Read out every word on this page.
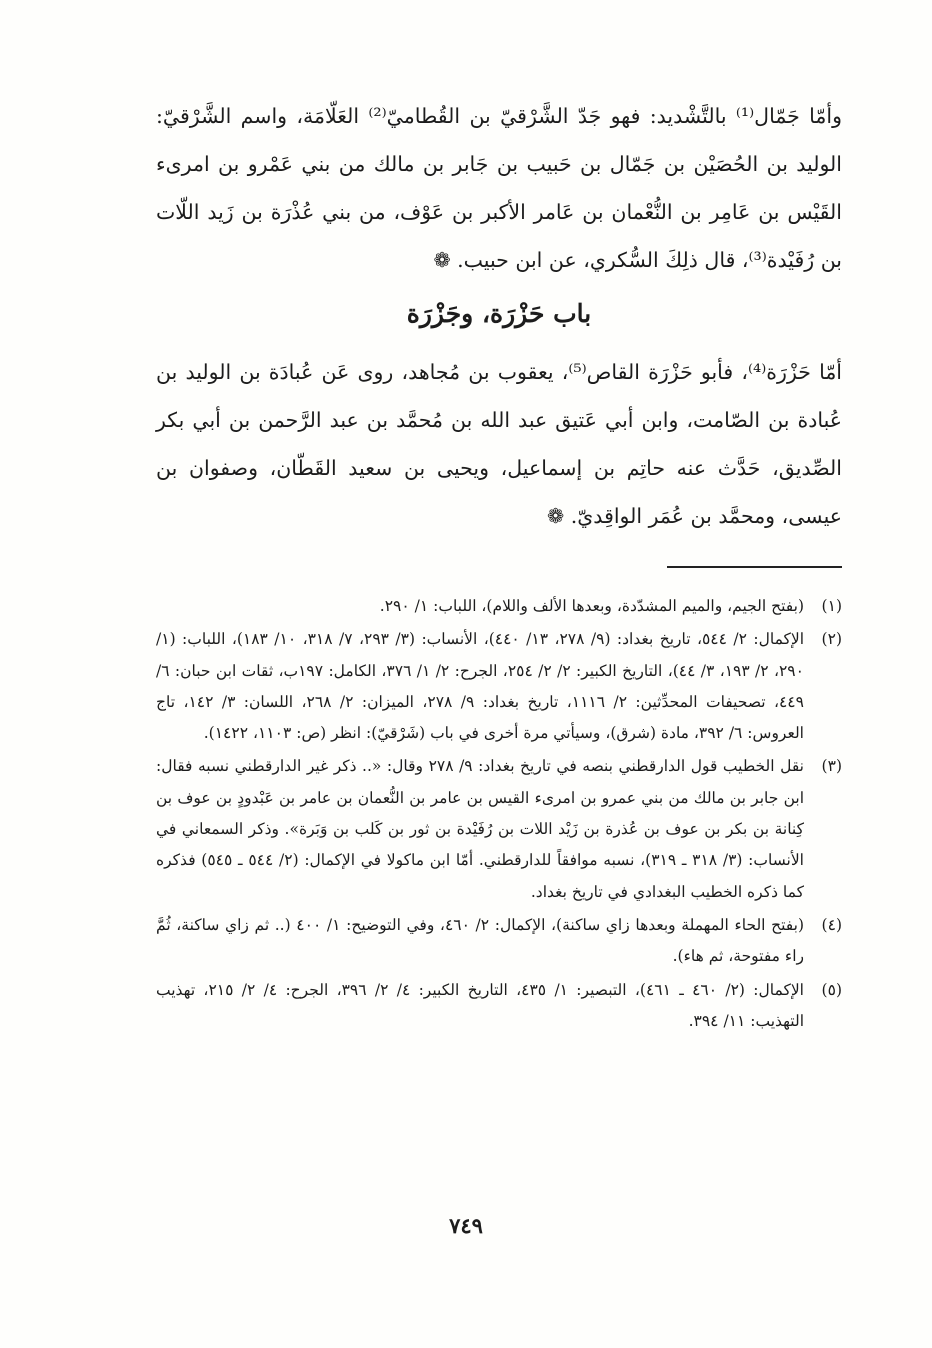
وأمّا جَمّال⁽¹⁾ بالتَّشْديد: فهو جَدّ الشَّرْقيّ بن القُطاميّ⁽²⁾ العَلّامَة، واسم الشَّرْقيّ: الوليد بن الحُصَيْن بن جَمّال بن حَبيب بن جَابر بن مالك من بني عَمْرو بن امرىء القَيْس بن عَامِر بن النُّعْمان بن عَامر الأكبر بن عَوْف، من بني عُذْرَة بن زَيد اللّات بن رُفَيْدة⁽³⁾، قال ذلِكَ السُّكري، عن ابن حبيب. ❁

باب حَزْرَة، وجَزْرَة

أمّا حَزْرَة⁽⁴⁾، فأبو حَزْرَة القاص⁽⁵⁾، يعقوب بن مُجاهد، روى عَن عُبادَة بن الوليد بن عُبادة بن الصّامت، وابن أبي عَتيق عبد الله بن مُحمَّد بن عبد الرَّحمن بن أبي بكر الصِّديق، حَدَّث عنه حاتِم بن إسماعيل، ويحيى بن سعيد القَطّان، وصفوان بن عيسى، ومحمَّد بن عُمَر الواقِديّ. ❁

(١)
(بفتح الجيم، والميم المشدّدة، وبعدها الألف واللام)، اللباب: ١/ ٢٩٠.
(٢)
الإكمال: ٢/ ٥٤٤، تاريخ بغداد: (٩/ ٢٧٨، ١٣/ ٤٤٠)، الأنساب: (٣/ ٢٩٣، ٧/ ٣١٨، ١٠/ ١٨٣)، اللباب: (١/ ٢٩٠، ٢/ ١٩٣، ٣/ ٤٤)، التاريخ الكبير: ٢/ ٢/ ٢٥٤، الجرح: ٢/ ١/ ٣٧٦، الكامل: ١٩٧ب، ثقات ابن حبان: ٦/ ٤٤٩، تصحيفات المحدِّثين: ٢/ ١١١٦، تاريخ بغداد: ٩/ ٢٧٨، الميزان: ٢/ ٢٦٨، اللسان: ٣/ ١٤٢، تاج العروس: ٦/ ٣٩٢، مادة (شرق)، وسيأتي مرة أخرى في باب (شَرْقيّ): انظر (ص: ١١٠٣، ١٤٢٢).
(٣)
نقل الخطيب قول الدارقطني بنصه في تاريخ بغداد: ٩/ ٢٧٨ وقال: «.. ذكر غير الدارقطني نسبه فقال: ابن جابر بن مالك من بني عمرو بن امرىء القيس بن عامر بن النُّعمان بن عامر بن عَبْدودٍ بن عوف بن كِنانة بن بكر بن عوف بن عُذرة بن زَيْد اللات بن رُفَيْدة بن ثور بن كَلب بن وَبَرة». وذكر السمعاني في الأنساب: (٣/ ٣١٨ ـ ٣١٩)، نسبه موافقاً للدارقطني. أمّا ابن ماكولا في الإكمال: (٢/ ٥٤٤ ـ ٥٤٥) فذكره كما ذكره الخطيب البغدادي في تاريخ بغداد.
(٤)
(بفتح الحاء المهملة وبعدها زاي ساكنة)، الإكمال: ٢/ ٤٦٠، وفي التوضيح: ١/ ٤٠٠ (.. ثم زاي ساكنة، ثُمَّ راء مفتوحة، ثم هاء).
(٥)
الإكمال: (٢/ ٤٦٠ ـ ٤٦١)، التبصير: ١/ ٤٣٥، التاريخ الكبير: ٤/ ٢/ ٣٩٦، الجرح: ٤/ ٢/ ٢١٥، تهذيب التهذيب: ١١/ ٣٩٤.
٧٤٩
